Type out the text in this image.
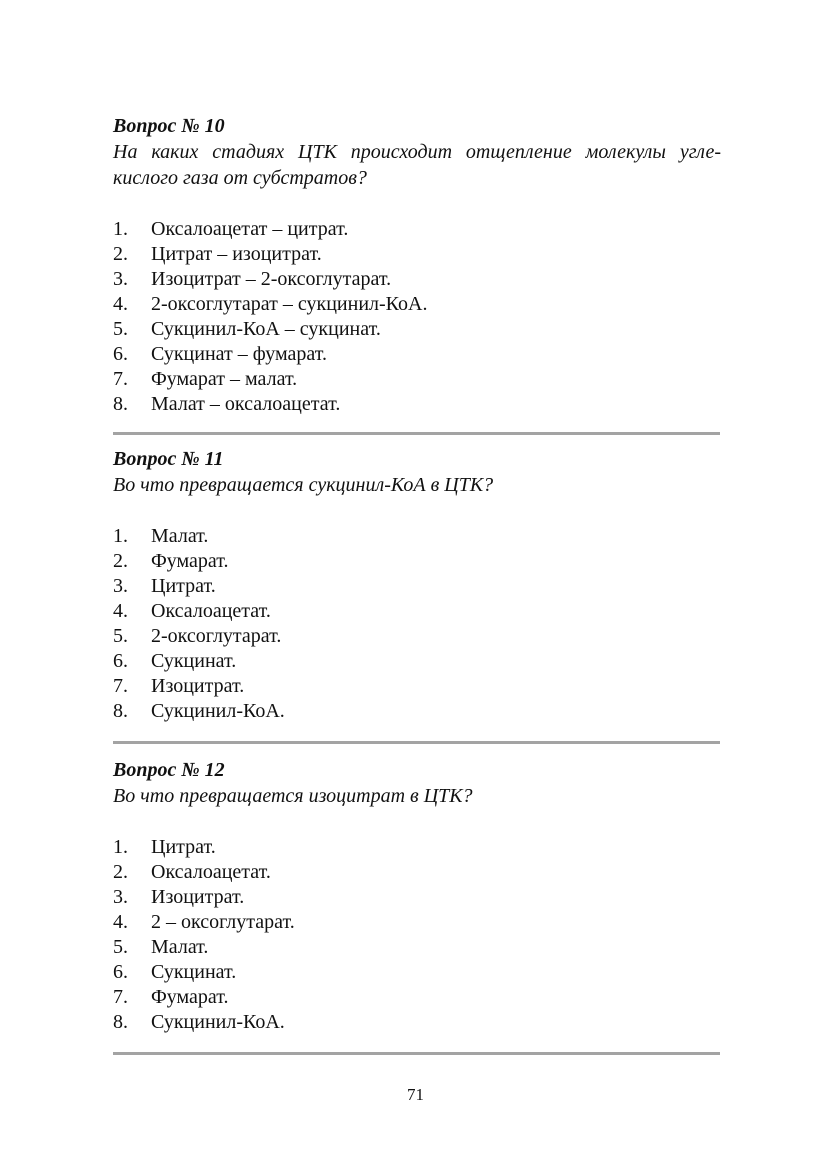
Вопрос № 10

На каких стадиях ЦТК происходит отщепление молекулы угле-кислого газа от субстратов?

1.	Оксалоацетат – цитрат.
2.	Цитрат – изоцитрат.
3.	Изоцитрат – 2-оксоглутарат.
4.	2-оксоглутарат – сукцинил-КоА.
5.	Сукцинил-КоА – сукцинат.
6.	Сукцинат – фумарат.
7.	Фумарат – малат.
8.	Малат – оксалоацетат.

Вопрос № 11

Во что превращается сукцинил-КоА в ЦТК?

1.	Малат.
2.	Фумарат.
3.	Цитрат.
4.	Оксалоацетат.
5.	2-оксоглутарат.
6.	Сукцинат.
7.	Изоцитрат.
8.	Сукцинил-КоА.

Вопрос № 12

Во что превращается изоцитрат в ЦТК?

1.	Цитрат.
2.	Оксалоацетат.
3.	Изоцитрат.
4.	2 – оксоглутарат.
5.	Малат.
6.	Сукцинат.
7.	Фумарат.
8.	Сукцинил-КоА.
71
